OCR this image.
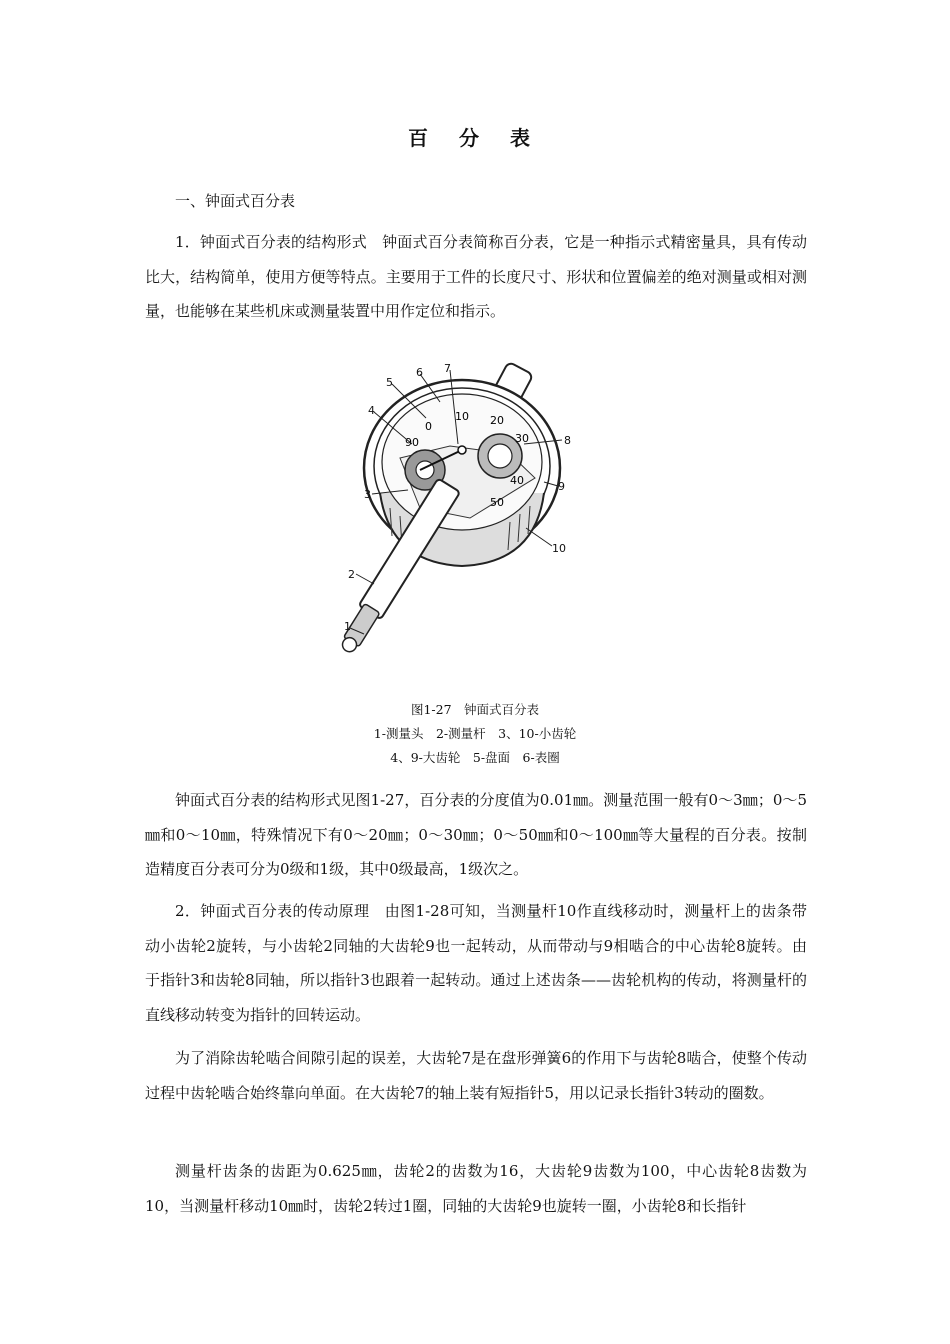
百 分 表
一、钟面式百分表

1．钟面式百分表的结构形式　钟面式百分表简称百分表，它是一种指示式精密量具，具有传动比大，结构简单，使用方便等特点。主要用于工件的长度尺寸、形状和位置偏差的绝对测量或相对测量，也能够在某些机床或测量装置中用作定位和指示。

0
10 20
30
40
50
90
1
2
3
4
5
6 7
8
9
10
图1-27　钟面式百分表
1-测量头　2-测量杆　3、10-小齿轮
4、9-大齿轮　5-盘面　6-表圈

钟面式百分表的结构形式见图1-27，百分表的分度值为0.01㎜。测量范围一般有0～3㎜；0～5㎜和0～10㎜，特殊情况下有0～20㎜；0～30㎜；0～50㎜和0～100㎜等大量程的百分表。按制造精度百分表可分为0级和1级，其中0级最高，1级次之。

2．钟面式百分表的传动原理　由图1-28可知，当测量杆10作直线移动时，测量杆上的齿条带动小齿轮2旋转，与小齿轮2同轴的大齿轮9也一起转动，从而带动与9相啮合的中心齿轮8旋转。由于指针3和齿轮8同轴，所以指针3也跟着一起转动。通过上述齿条——齿轮机构的传动，将测量杆的直线移动转变为指针的回转运动。

为了消除齿轮啮合间隙引起的误差，大齿轮7是在盘形弹簧6的作用下与齿轮8啮合，使整个传动过程中齿轮啮合始终靠向单面。在大齿轮7的轴上装有短指针5，用以记录长指针3转动的圈数。

测量杆齿条的齿距为0.625㎜，齿轮2的齿数为16，大齿轮9齿数为100，中心齿轮8齿数为10，当测量杆移动10㎜时，齿轮2转过1圈，同轴的大齿轮9也旋转一圈，小齿轮8和长指针
